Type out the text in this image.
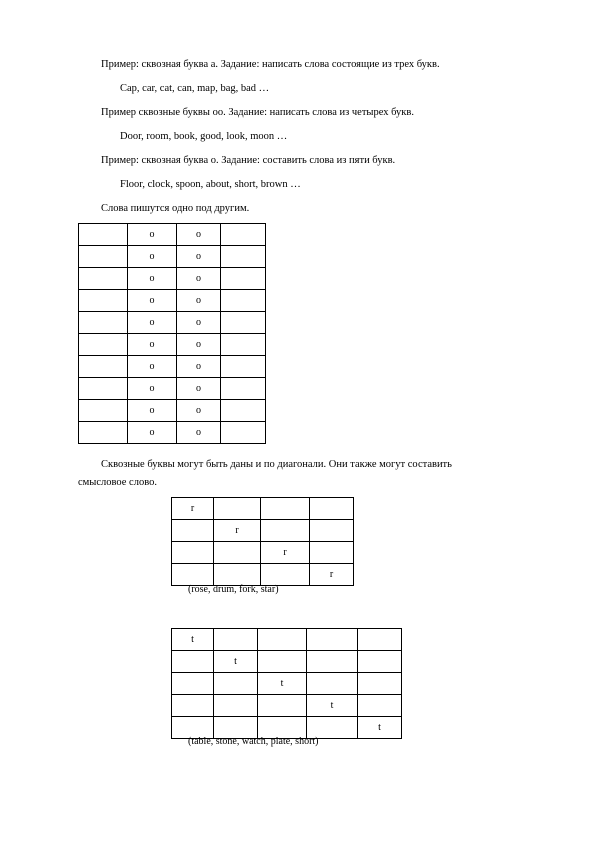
Пример: сквозная буква а. Задание: написать слова состоящие из трех букв.
Cap, car, cat, can, map, bag, bad …
Пример сквозные буквы оо. Задание: написать слова из четырех букв.
Door, room, book, good, look, moon …
Пример: сквозная буква о. Задание: составить слова из пяти букв.
Floor, clock, spoon, about, short, brown …
Слова пишутся одно под другим.
	o	o	
	o	o	
	o	o	
	o	o	
	o	o	
	o	o	
	o	o	
	o	o	
	o	o	
	o	o	
Сквозные буквы могут быть даны и по диагонали. Они также могут составить
смысловое слово.
r			
	r		
		r	
			r
(rose, drum, fork, star)
t				
	t			
		t		
			t	
				t
(table, stone, watch, plate, short)
